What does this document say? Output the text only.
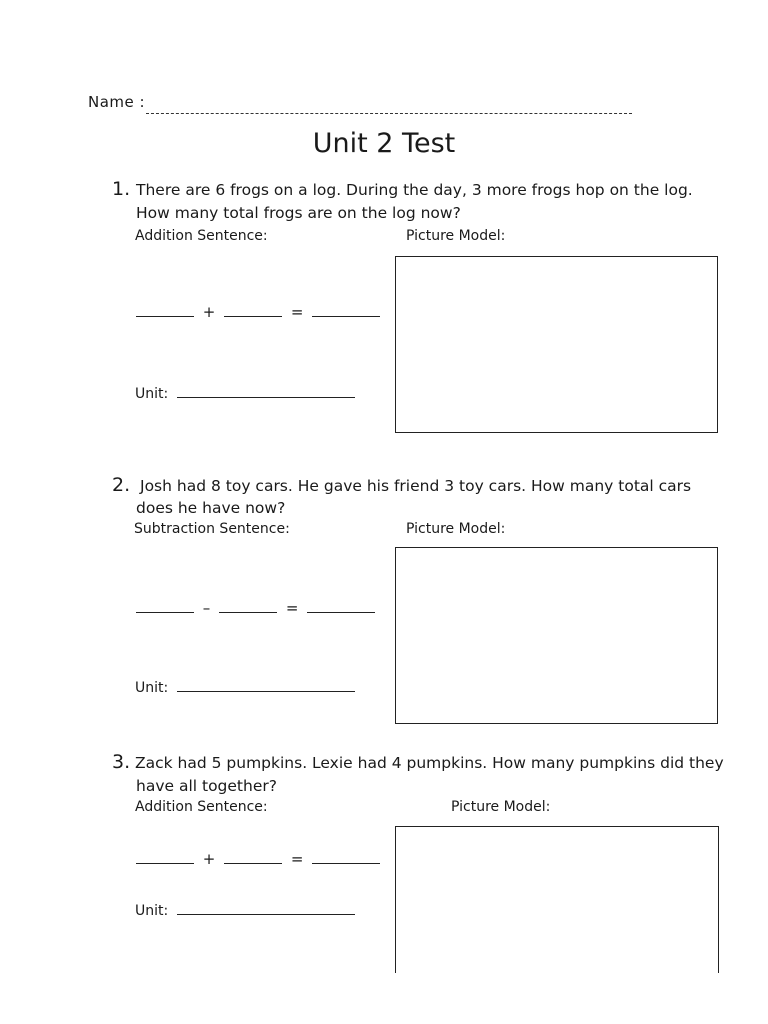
Name :
Unit 2 Test
1. There are 6 frogs on a log. During the day, 3 more frogs hop on the log.
How many total frogs are on the log now?
Addition Sentence:	Picture Model:
+	=
Unit:
2. Josh had 8 toy cars. He gave his friend 3 toy cars. How many total cars
does he have now?
Subtraction Sentence:	Picture Model:
–	=
Unit:
3. Zack had 5 pumpkins. Lexie had 4 pumpkins. How many pumpkins did they
have all together?
Addition Sentence:	Picture Model:
+	=
Unit:
